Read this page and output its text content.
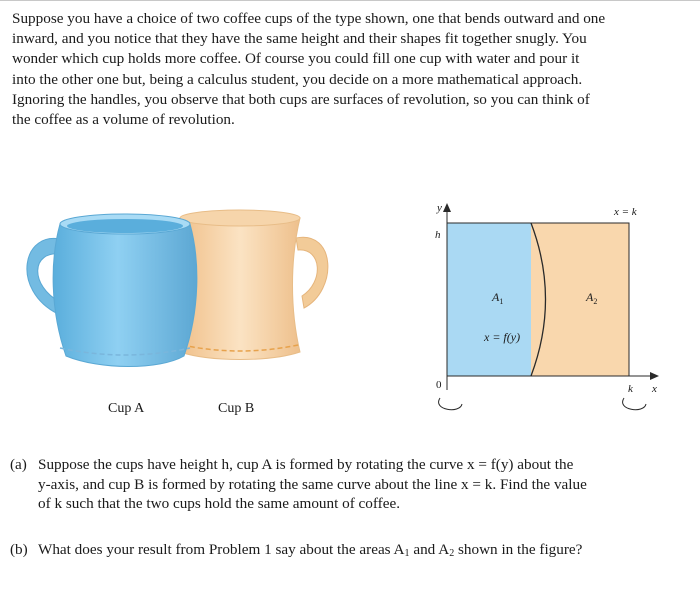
Suppose you have a choice of two coffee cups of the type shown, one that bends outward and one
inward, and you notice that they have the same height and their shapes fit together snugly. You
wonder which cup holds more coffee. Of course you could fill one cup with water and pour it
into the other one but, being a calculus student, you decide on a more mathematical approach.
Ignoring the handles, you observe that both cups are surfaces of revolution, so you can think of
the coffee as a volume of revolution.
Cup A	Cup B
y
h
0
x = k
k x
x = f(y)
$A_1$	$A_2$
(a) Suppose the cups have height h, cup A is formed by rotating the curve x = f(y) about the
y-axis, and cup B is formed by rotating the same curve about the line x = k. Find the value
of k such that the two cups hold the same amount of coffee.
(b) What does your result from Problem 1 say about the areas $A_1$ and $A_2$ shown in the figure?
